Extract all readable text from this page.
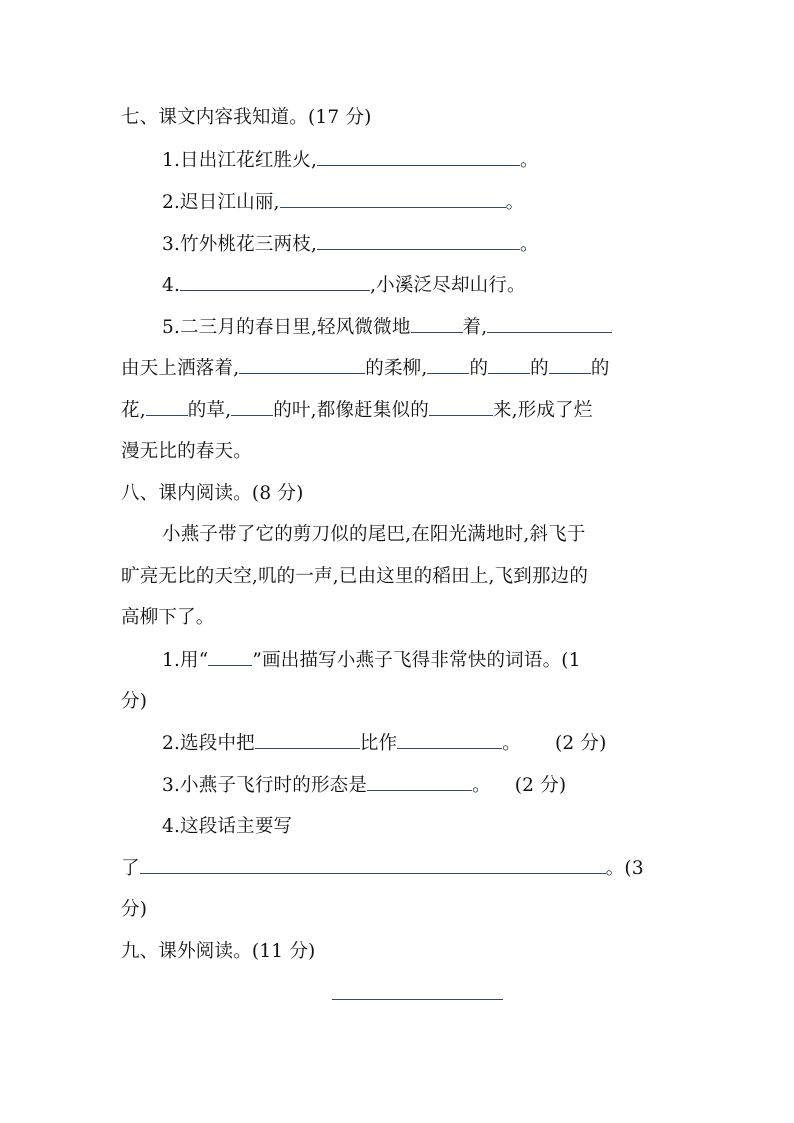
七、课文内容我知道。(17 分)
1.日出江花红胜火,	。
2.迟日江山丽,	。
3.竹外桃花三两枝,	。
4.	,小溪泛尽却山行。
5.二三月的春日里,轻风微微地	着,
由天上洒落着,	的柔柳, 的 的 的
花, 的草, 的叶,都像赶集似的	来,形成了烂
漫无比的春天。
八、课内阅读。(8 分)
小燕子带了它的剪刀似的尾巴,在阳光满地时,斜飞于
旷亮无比的天空,叽的一声,已由这里的稻田上,飞到那边的
高柳下了。
1.用“ ”画出描写小燕子飞得非常快的词语。(1
分)
2.选段中把	比作	。 (2 分)
3.小燕子飞行时的形态是	。 (2 分)
4.这段话主要写
了	。(3
分)
九、课外阅读。(11 分)
